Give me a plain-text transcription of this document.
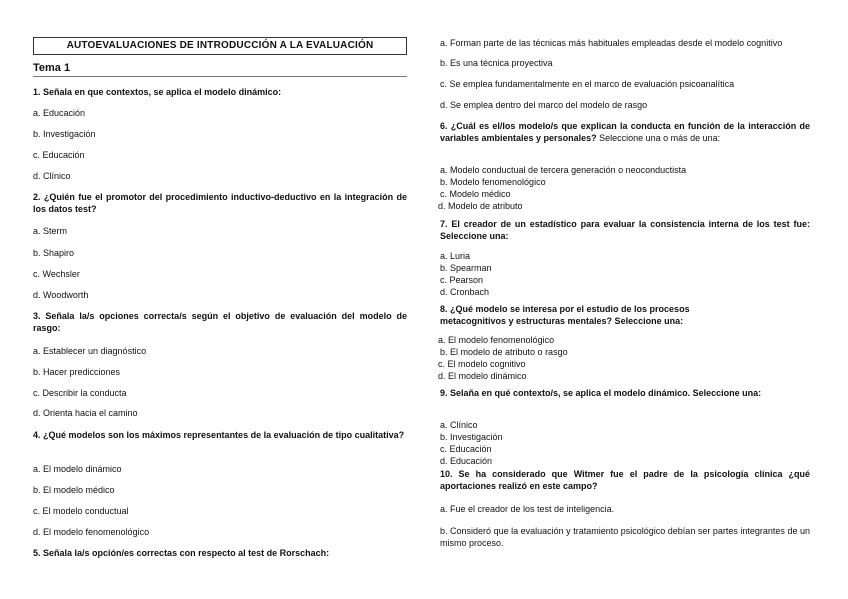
AUTOEVALUACIONES DE INTRODUCCIÓN A LA EVALUACIÓN
Tema 1
1. Señala en que contextos, se aplica el modelo dinámico:
a. Educación
b. Investigación
c. Educación
d. Clínico
2. ¿Quién fue el promotor del procedimiento inductivo-deductivo en la integración de los datos test?
a. Sterm
b. Shapiro
c. Wechsler
d. Woodworth
3. Señala la/s opciones correcta/s según el objetivo de evaluación del modelo de rasgo:
a. Establecer un diagnóstico
b. Hacer predicciones
c. Describir la conducta
d. Orienta hacia el camino
4. ¿Qué modelos son los máximos representantes de la evaluación de tipo cualitativa?
a. El modelo dinámico
b. El modelo médico
c. El modelo conductual
d. El modelo fenomenológico
5. Señala la/s opción/es correctas con respecto al test de Rorschach:
a. Forman parte de las técnicas más habituales empleadas desde el modelo cognitivo
b. Es una técnica proyectiva
c. Se emplea fundamentalmente en el marco de evaluación psicoanalítica
d. Se emplea dentro del marco del modelo de rasgo
6. ¿Cuál es el/los modelo/s que explican la conducta en función de la interacción de variables ambientales y personales? Seleccione una o más de una:
a. Modelo conductual de tercera generación o neoconductista
b. Modelo fenomenológico
c. Modelo médico
d. Modelo de atributo
7. El creador de un estadístico para evaluar la consistencia interna de los test fue: Seleccione una:
a. Luria
b. Spearman
c. Pearson
d. Cronbach
8. ¿Qué modelo se interesa por el estudio de los procesos metacognitivos y estructuras mentales? Seleccione una:
a. El modelo fenomenológico
b. El modelo de atributo o rasgo
c. El modelo cognitivo
d. El modelo dinámico
9. Selaña en qué contexto/s, se aplica el modelo dinámico. Seleccione una:
a. Clínico
b. Investigación
c. Educación
d. Educación
10. Se ha considerado que Witmer fue el padre de la psicología clínica ¿qué aportaciones realizó en este campo?
a. Fue el creador de los test de inteligencia.
b. Consideró que la evaluación y tratamiento psicológico debían ser partes integrantes de un mismo proceso.
